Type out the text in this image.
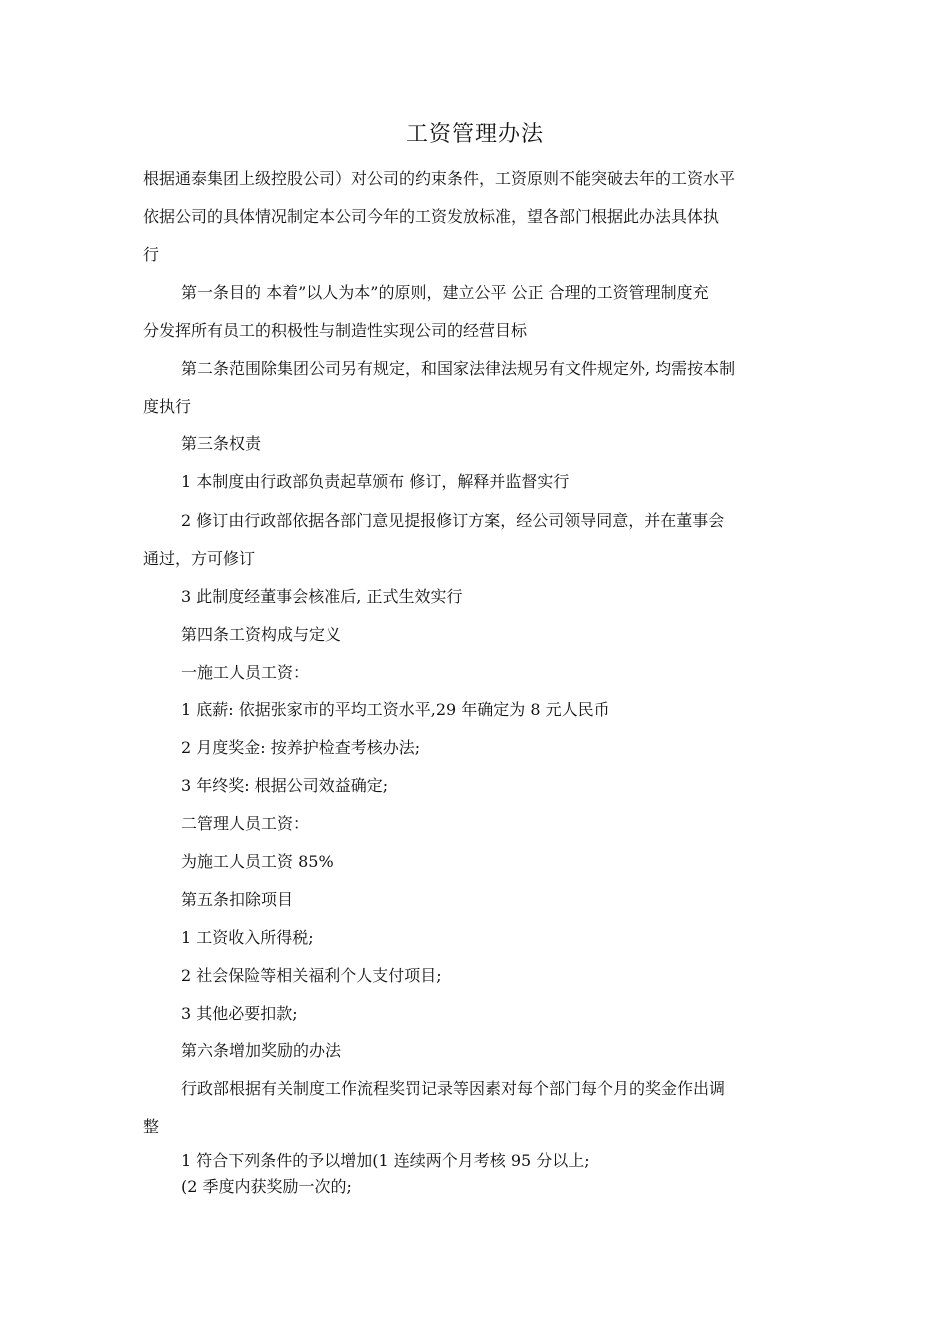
工资管理办法
根据通泰集团上级控股公司）对公司的约束条件，工资原则不能突破去年的工资水平
依据公司的具体情况制定本公司今年的工资发放标准，望各部门根据此办法具体执
行
第一条目的 本着”以人为本”的原则，建立公平 公正 合理的工资管理制度充
分发挥所有员工的积极性与制造性实现公司的经营目标
第二条范围除集团公司另有规定，和国家法律法规另有文件规定外, 均需按本制
度执行
第三条权责
1 本制度由行政部负责起草颁布 修订，解释并监督实行
2 修订由行政部依据各部门意见提报修订方案，经公司领导同意，并在董事会
通过，方可修订
3 此制度经董事会核准后, 正式生效实行
第四条工资构成与定义
一施工人员工资：
1 底薪: 依据张家市的平均工资水平,29 年确定为 8 元人民币
2 月度奖金: 按养护检查考核办法;
3 年终奖: 根据公司效益确定;
二管理人员工资：
为施工人员工资 85%
第五条扣除项目
1 工资收入所得税;
2 社会保险等相关福利个人支付项目;
3 其他必要扣款;
第六条增加奖励的办法
行政部根据有关制度工作流程奖罚记录等因素对每个部门每个月的奖金作出调
整
1 符合下列条件的予以增加(1 连续两个月考核 95 分以上;
(2 季度内获奖励一次的;
